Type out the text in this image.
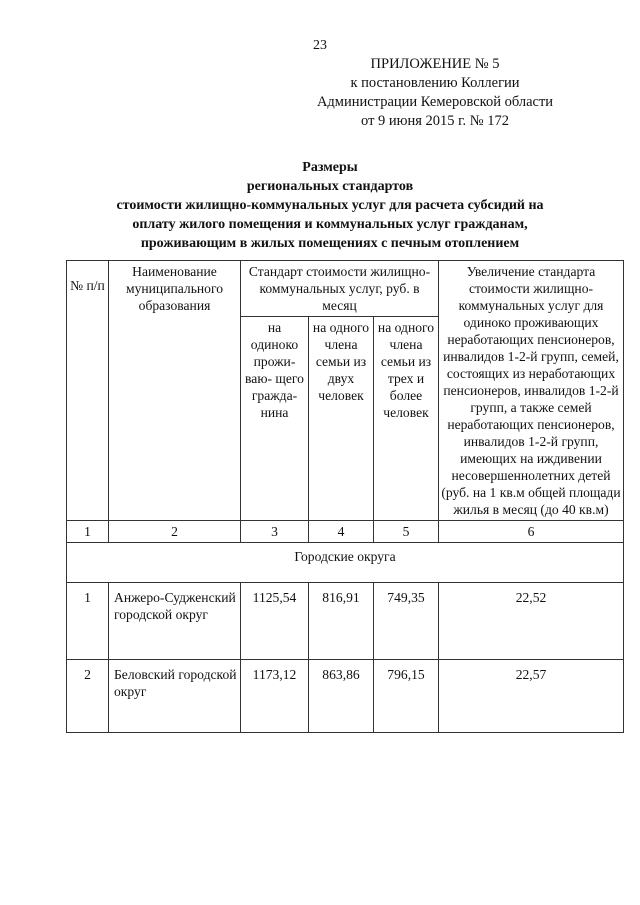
23
ПРИЛОЖЕНИЕ № 5
к постановлению Коллегии
Администрации Кемеровской области
от 9 июня 2015 г. № 172
Размеры
региональных стандартов
стоимости жилищно-коммунальных услуг для расчета субсидий на
оплату жилого помещения и коммунальных услуг гражданам,
проживающим в жилых помещениях с печным отоплением
№ п/п	Наименование муниципального образования	Стандарт стоимости жилищно-коммунальных услуг, руб. в месяц			Увеличение стандарта стоимости жилищно-коммунальных услуг для одиноко проживающих неработающих пенсионеров, инвалидов 1-2-й групп, семей, состоящих из неработающих пенсионеров, инвалидов 1-2-й групп, а также семей неработающих пенсионеров, инвалидов 1-2-й групп, имеющих на иждивении несовершеннолетних детей (руб. на 1 кв.м общей площади жилья в месяц (до 40 кв.м)
		на одиноко прожи- ваю- щего гражда- нина	на одного члена семьи из двух человек	на одного члена семьи из трех и более человек	
1	2	3	4	5	6
Городские округа					
1	Анжеро-Судженский городской округ	1125,54	816,91	749,35	22,52
2	Беловский городской округ	1173,12	863,86	796,15	22,57
